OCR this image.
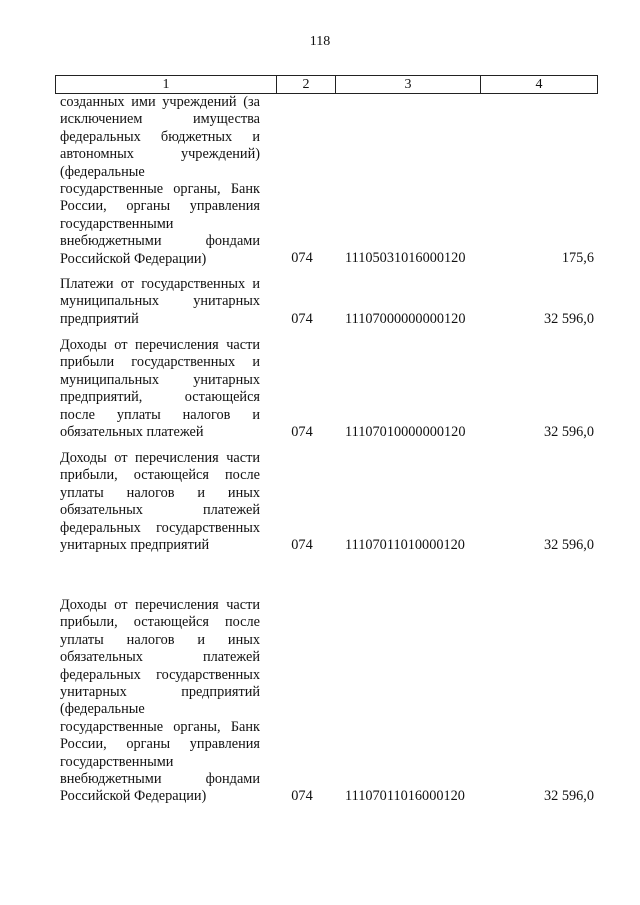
118
1	2	3	4
созданных ими учреждений (за
исключением имущества
федеральных бюджетных и
автономных учреждений)
(федеральные
государственные органы, Банк
России, органы управления
государственными
внебюджетными фондами
Российской Федерации)	074	11105031016000120	175,6
Платежи от государственных и
муниципальных унитарных
предприятий	074	11107000000000120	32 596,0
Доходы от перечисления части
прибыли государственных и
муниципальных унитарных
предприятий, остающейся
после уплаты налогов и
обязательных платежей	074	11107010000000120	32 596,0
Доходы от перечисления части
прибыли, остающейся после
уплаты налогов и иных
обязательных платежей
федеральных государственных
унитарных предприятий	074	11107011010000120	32 596,0
Доходы от перечисления части
прибыли, остающейся после
уплаты налогов и иных
обязательных платежей
федеральных государственных
унитарных предприятий
(федеральные
государственные органы, Банк
России, органы управления
государственными
внебюджетными фондами
Российской Федерации)	074	11107011016000120	32 596,0
